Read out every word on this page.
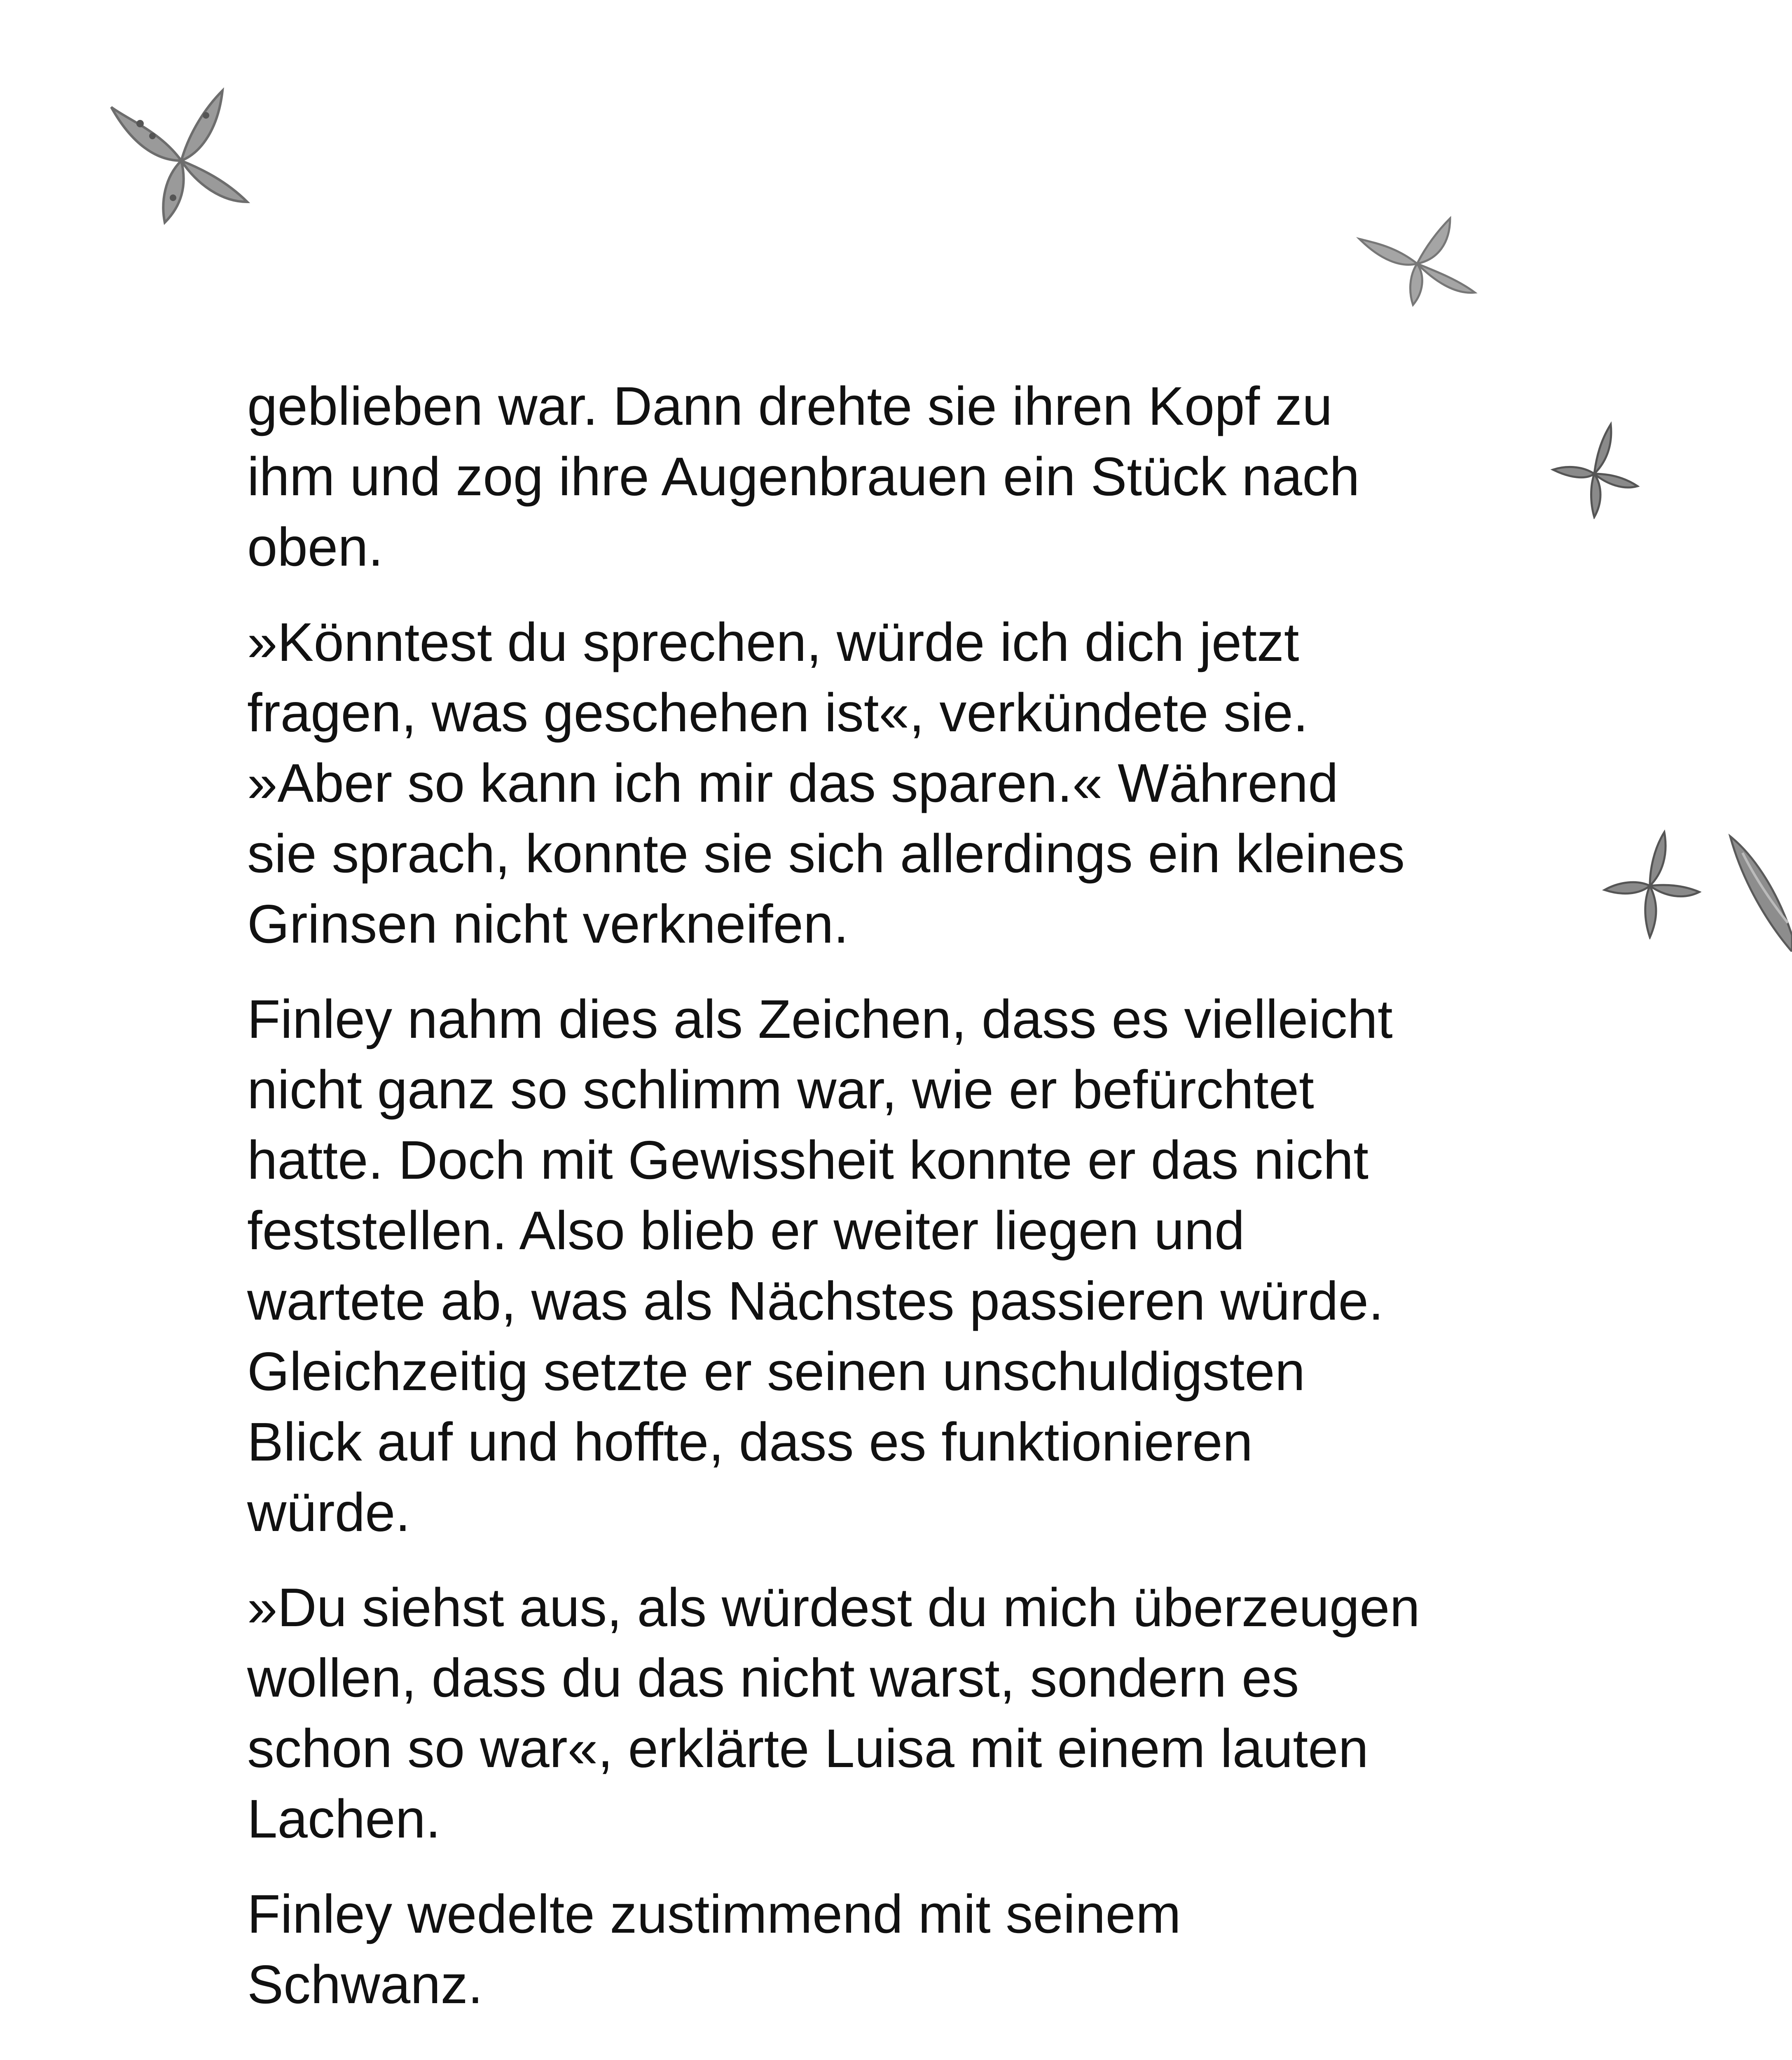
geblieben war. Dann drehte sie ihren Kopf zu
ihm und zog ihre Augenbrauen ein Stück nach
oben.

»Könntest du sprechen, würde ich dich jetzt
fragen, was geschehen ist«, verkündete sie.
»Aber so kann ich mir das sparen.« Während
sie sprach, konnte sie sich allerdings ein kleines
Grinsen nicht verkneifen.

Finley nahm dies als Zeichen, dass es vielleicht
nicht ganz so schlimm war, wie er befürchtet
hatte. Doch mit Gewissheit konnte er das nicht
feststellen. Also blieb er weiter liegen und
wartete ab, was als Nächstes passieren würde.
Gleichzeitig setzte er seinen unschuldigsten
Blick auf und hoffte, dass es funktionieren
würde.

»Du siehst aus, als würdest du mich überzeugen
wollen, dass du das nicht warst, sondern es
schon so war«, erklärte Luisa mit einem lauten
Lachen.

Finley wedelte zustimmend mit seinem
Schwanz.
